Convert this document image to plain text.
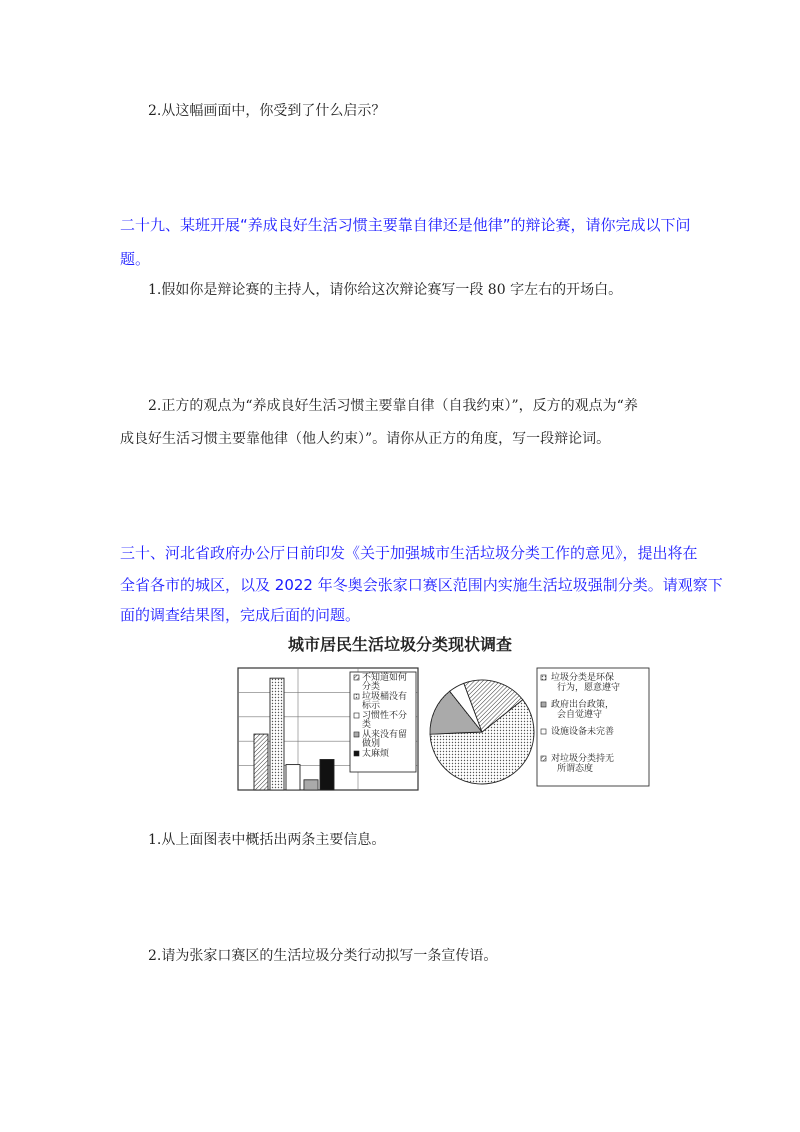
2.从这幅画面中，你受到了什么启示？
二十九、某班开展“养成良好生活习惯主要靠自律还是他律”的辩论赛，请你完成以下问
题。
1.假如你是辩论赛的主持人，请你给这次辩论赛写一段 80 字左右的开场白。
2.正方的观点为“养成良好生活习惯主要靠自律（自我约束）”，反方的观点为“养
成良好生活习惯主要靠他律（他人约束）”。请你从正方的角度，写一段辩论词。
三十、河北省政府办公厅日前印发《关于加强城市生活垃圾分类工作的意见》，提出将在
全省各市的城区，以及 2022 年冬奥会张家口赛区范围内实施生活垃圾强制分类。请观察下
面的调查结果图，完成后面的问题。
城市居民生活垃圾分类现状调查
不知道如何
分类
垃圾桶没有
标示
习惯性不分
类
从来没有留
做别
太麻烦
垃圾分类是环保
行为，愿意遵守
政府出台政策，
会自觉遵守
设施设备未完善
对垃圾分类持无
所谓态度
1.从上面图表中概括出两条主要信息。
2.请为张家口赛区的生活垃圾分类行动拟写一条宣传语。
